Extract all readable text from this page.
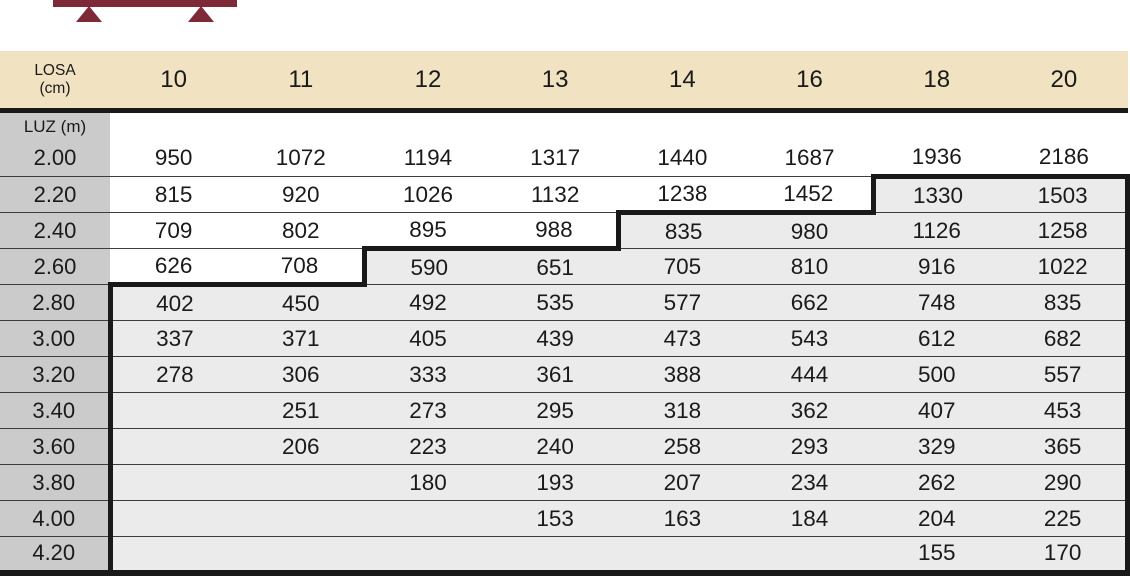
LOSA
(cm)	10	11	12	13	14	16	18	20
LUZ (m)								
2.00	950	1072	1194	1317	1440	1687	1936	2186
2.20	815	920	1026	1132	1238	1452	1330	1503
2.40	709	802	895	988	835	980	1126	1258
2.60	626	708	590	651	705	810	916	1022
2.80	402	450	492	535	577	662	748	835
3.00	337	371	405	439	473	543	612	682
3.20	278	306	333	361	388	444	500	557
3.40		251	273	295	318	362	407	453
3.60		206	223	240	258	293	329	365
3.80			180	193	207	234	262	290
4.00				153	163	184	204	225
4.20							155	170
